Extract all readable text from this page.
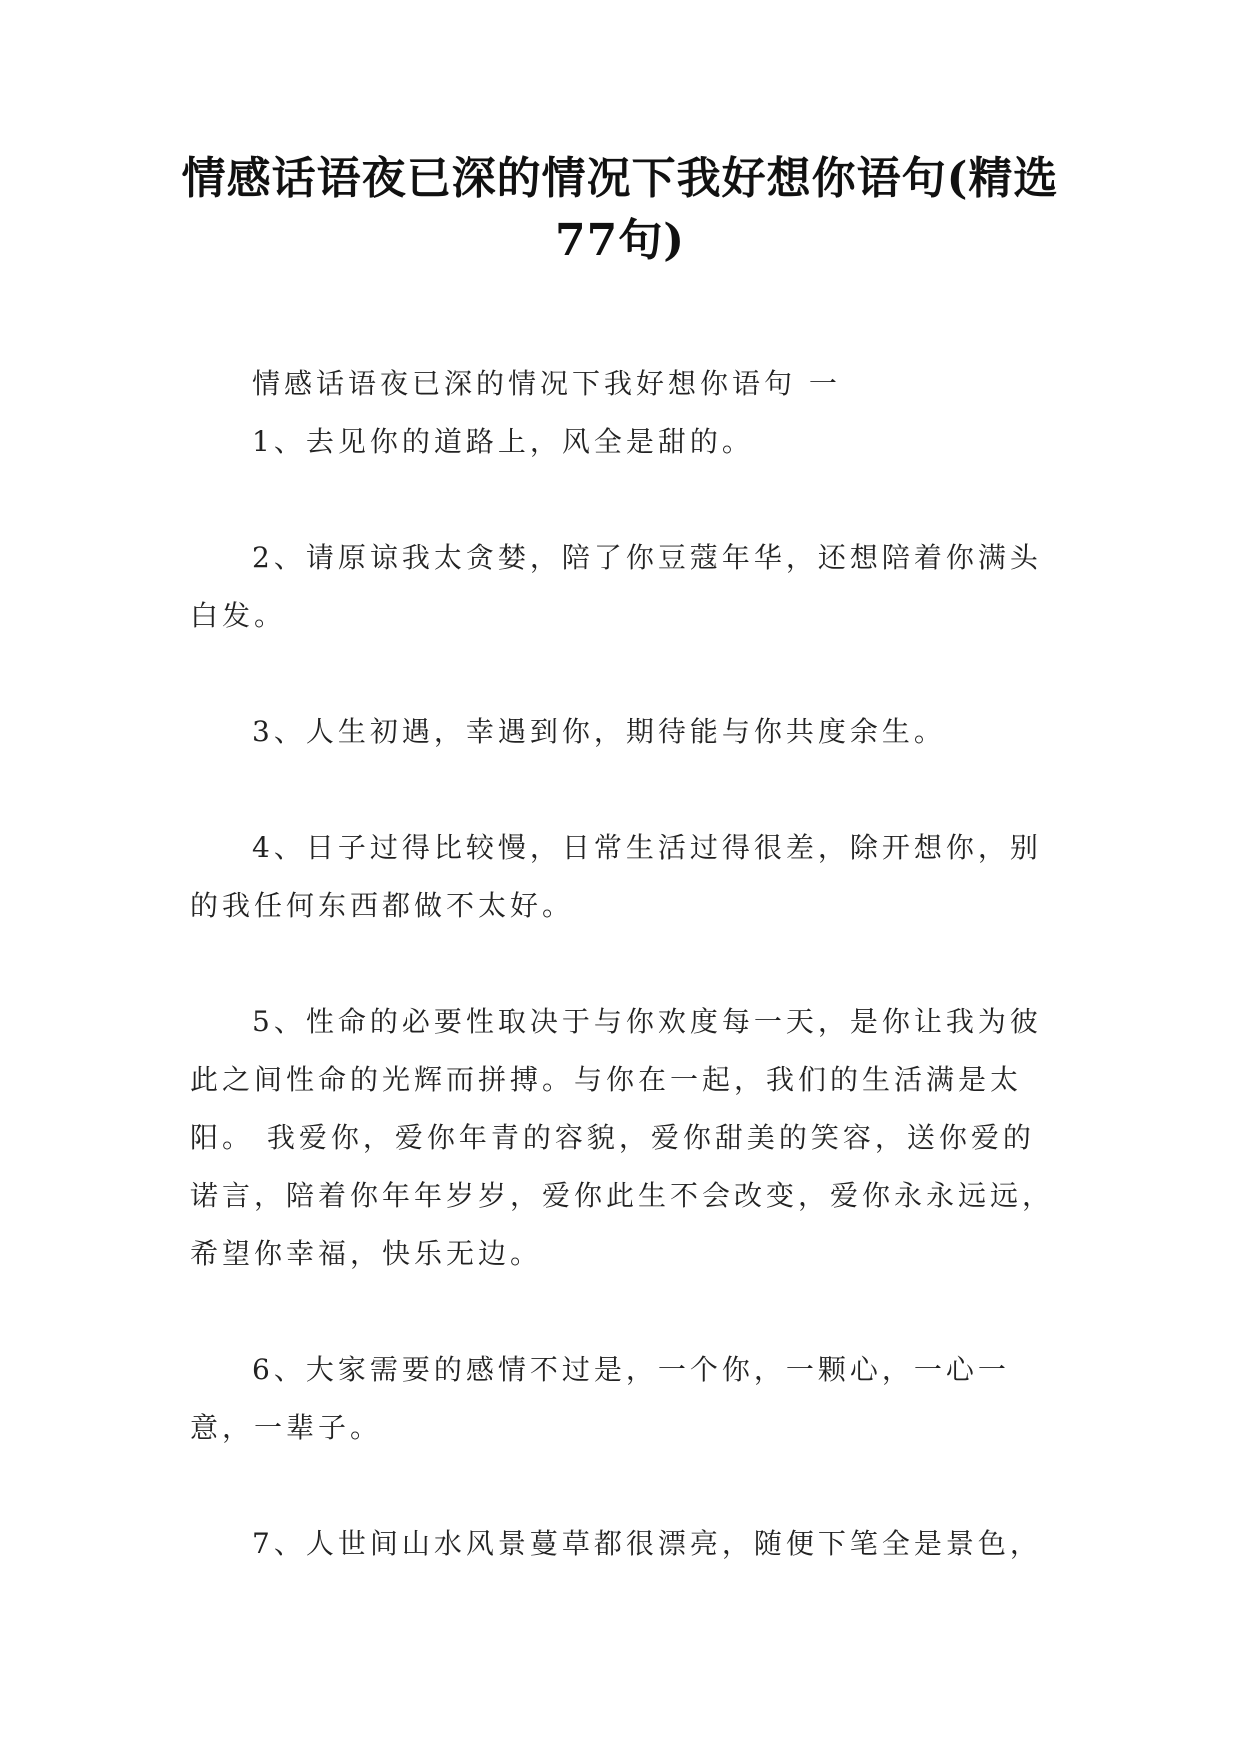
情感话语夜已深的情况下我好想你语句(精选77句)

情感话语夜已深的情况下我好想你语句 一

1、去见你的道路上，风全是甜的。

2、请原谅我太贪婪，陪了你豆蔻年华，还想陪着你满头白发。

3、人生初遇，幸遇到你，期待能与你共度余生。

4、日子过得比较慢，日常生活过得很差，除开想你，别的我任何东西都做不太好。

5、性命的必要性取决于与你欢度每一天，是你让我为彼此之间性命的光辉而拼搏。与你在一起，我们的生活满是太阳。 我爱你，爱你年青的容貌，爱你甜美的笑容，送你爱的诺言，陪着你年年岁岁，爱你此生不会改变，爱你永永远远，希望你幸福，快乐无边。

6、大家需要的感情不过是，一个你，一颗心，一心一意，一辈子。

7、人世间山水风景蔓草都很漂亮，随便下笔全是景色，
